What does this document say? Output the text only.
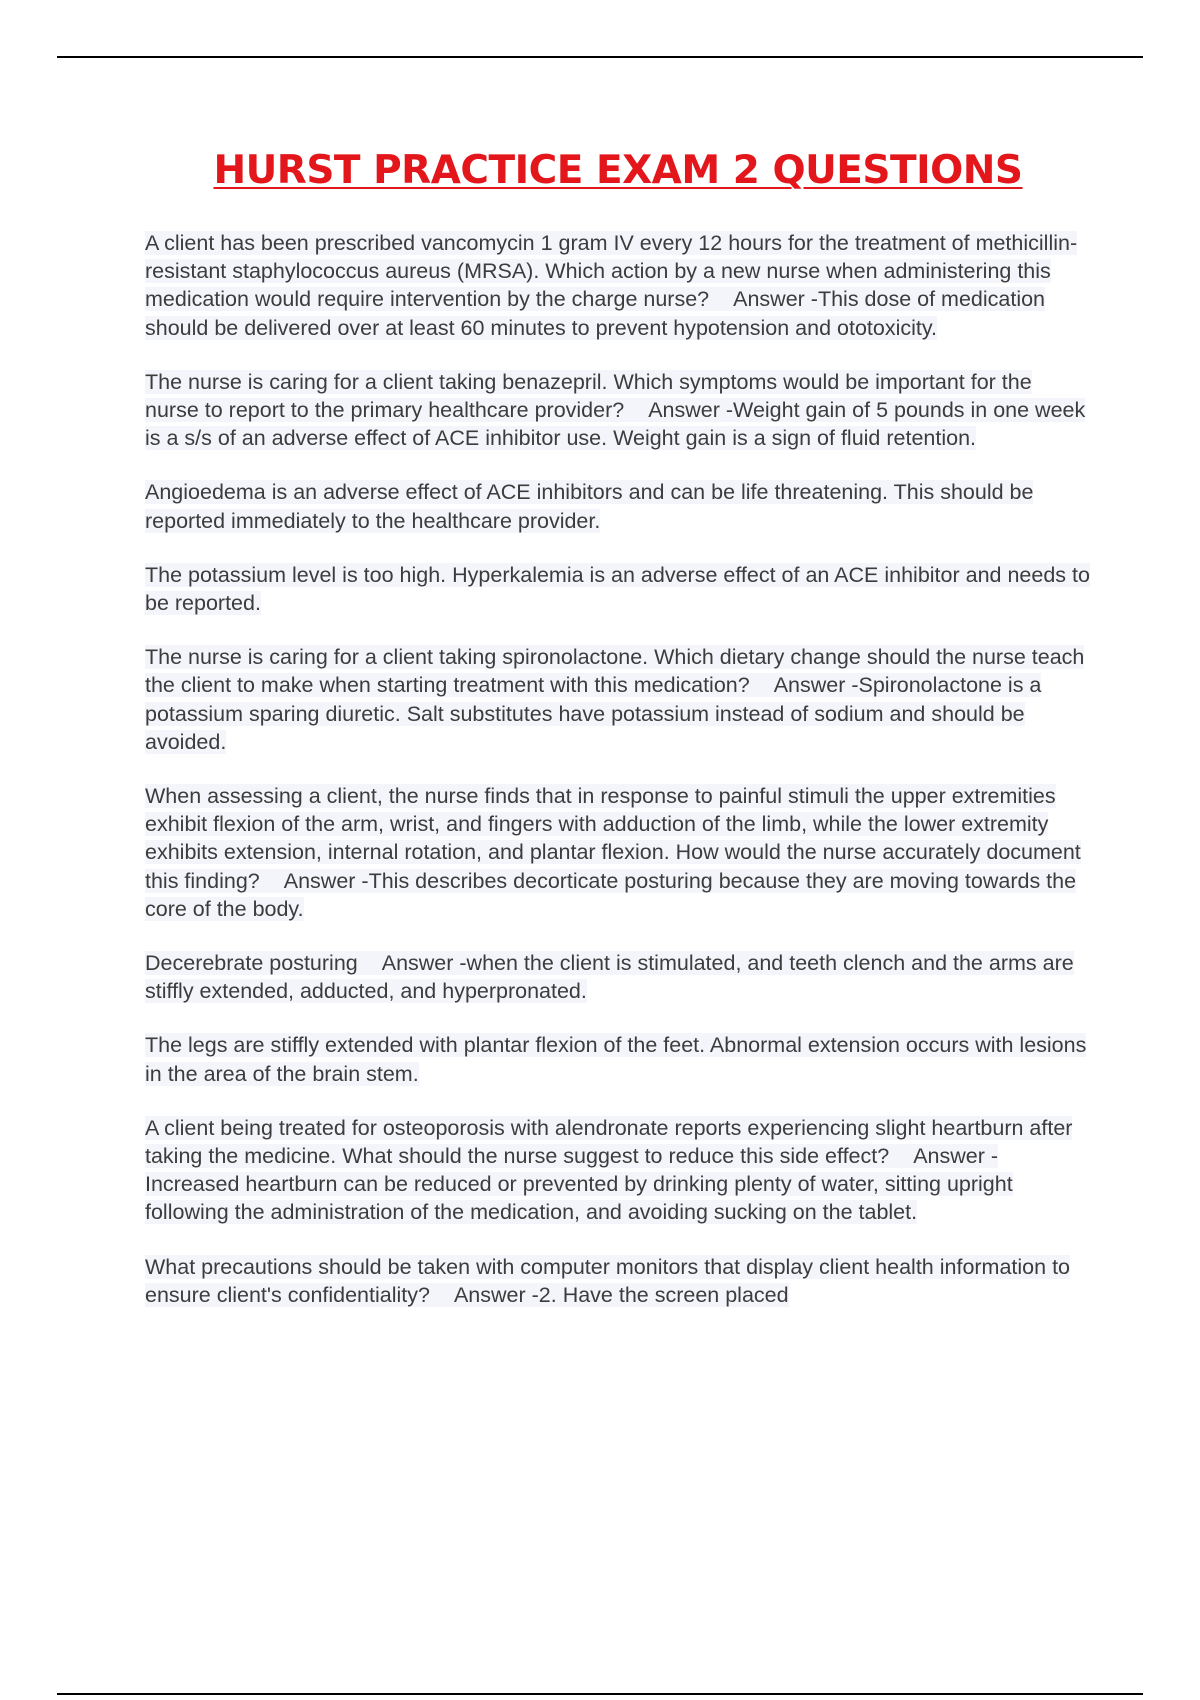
HURST PRACTICE EXAM 2 QUESTIONS

A client has been prescribed vancomycin 1 gram IV every 12 hours for the treatment of methicillin-resistant staphylococcus aureus (MRSA). Which action by a new nurse when administering this medication would require intervention by the charge nurse? Answer -This dose of medication should be delivered over at least 60 minutes to prevent hypotension and ototoxicity.

The nurse is caring for a client taking benazepril. Which symptoms would be important for the nurse to report to the primary healthcare provider? Answer -Weight gain of 5 pounds in one week is a s/s of an adverse effect of ACE inhibitor use. Weight gain is a sign of fluid retention.

Angioedema is an adverse effect of ACE inhibitors and can be life threatening. This should be reported immediately to the healthcare provider.

The potassium level is too high. Hyperkalemia is an adverse effect of an ACE inhibitor and needs to be reported.

The nurse is caring for a client taking spironolactone. Which dietary change should the nurse teach the client to make when starting treatment with this medication? Answer -Spironolactone is a potassium sparing diuretic. Salt substitutes have potassium instead of sodium and should be avoided.

When assessing a client, the nurse finds that in response to painful stimuli the upper extremities exhibit flexion of the arm, wrist, and fingers with adduction of the limb, while the lower extremity exhibits extension, internal rotation, and plantar flexion. How would the nurse accurately document this finding? Answer -This describes decorticate posturing because they are moving towards the core of the body.

Decerebrate posturing Answer -when the client is stimulated, and teeth clench and the arms are stiffly extended, adducted, and hyperpronated.

The legs are stiffly extended with plantar flexion of the feet. Abnormal extension occurs with lesions in the area of the brain stem.

A client being treated for osteoporosis with alendronate reports experiencing slight heartburn after taking the medicine. What should the nurse suggest to reduce this side effect? Answer -Increased heartburn can be reduced or prevented by drinking plenty of water, sitting upright following the administration of the medication, and avoiding sucking on the tablet.

What precautions should be taken with computer monitors that display client health information to ensure client's confidentiality? Answer -2. Have the screen placed
